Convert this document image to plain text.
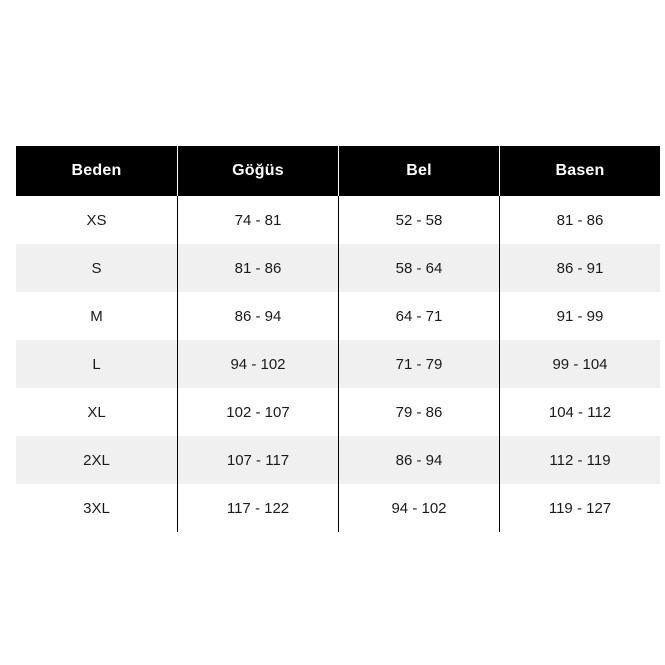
Beden	Göğüs	Bel	Basen
XS	74 - 81	52 - 58	81 - 86
S	81 - 86	58 - 64	86 - 91
M	86 - 94	64 - 71	91 - 99
L	94 - 102	71 - 79	99 - 104
XL	102 - 107	79 - 86	104 - 112
2XL	107 - 117	86 - 94	112 - 119
3XL	117 - 122	94 - 102	119 - 127
